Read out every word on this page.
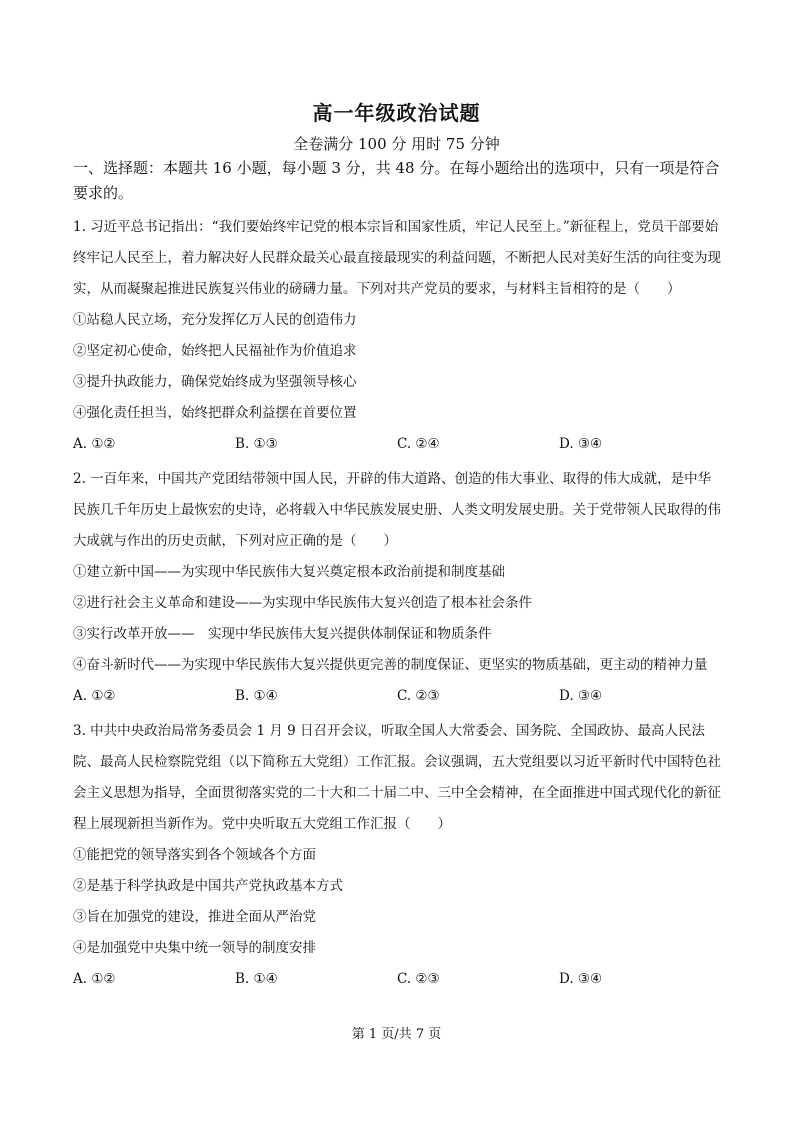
高一年级政治试题
全卷满分 100 分 用时 75 分钟
一、选择题：本题共 16 小题，每小题 3 分，共 48 分。在每小题给出的选项中，只有一项是符合要求的。
1. 习近平总书记指出：“我们要始终牢记党的根本宗旨和国家性质，牢记人民至上。”新征程上，党员干部要始终牢记人民至上，着力解决好人民群众最关心最直接最现实的利益问题，不断把人民对美好生活的向往变为现实，从而凝聚起推进民族复兴伟业的磅礴力量。下列对共产党员的要求，与材料主旨相符的是（　　）
①站稳人民立场，充分发挥亿万人民的创造伟力
②坚定初心使命，始终把人民福祉作为价值追求
③提升执政能力，确保党始终成为坚强领导核心
④强化责任担当，始终把群众利益摆在首要位置
A. ①②	B. ①③	C. ②④	D. ③④
2. 一百年来，中国共产党团结带领中国人民，开辟的伟大道路、创造的伟大事业、取得的伟大成就，是中华民族几千年历史上最恢宏的史诗，必将载入中华民族发展史册、人类文明发展史册。关于党带领人民取得的伟大成就与作出的历史贡献，下列对应正确的是（　　）
①建立新中国——为实现中华民族伟大复兴奠定根本政治前提和制度基础
②进行社会主义革命和建设——为实现中华民族伟大复兴创造了根本社会条件
③实行改革开放——　实现中华民族伟大复兴提供体制保证和物质条件
④奋斗新时代——为实现中华民族伟大复兴提供更完善的制度保证、更坚实的物质基础，更主动的精神力量
A. ①②	B. ①④	C. ②③	D. ③④
3. 中共中央政治局常务委员会 1 月 9 日召开会议，听取全国人大常委会、国务院、全国政协、最高人民法院、最高人民检察院党组（以下简称五大党组）工作汇报。会议强调，五大党组要以习近平新时代中国特色社会主义思想为指导，全面贯彻落实党的二十大和二十届二中、三中全会精神，在全面推进中国式现代化的新征程上展现新担当新作为。党中央听取五大党组工作汇报（　　）
①能把党的领导落实到各个领域各个方面
②是基于科学执政是中国共产党执政基本方式
③旨在加强党的建设，推进全面从严治党
④是加强党中央集中统一领导的制度安排
A. ①②	B. ①④	C. ②③	D. ③④
第 1 页/共 7 页
